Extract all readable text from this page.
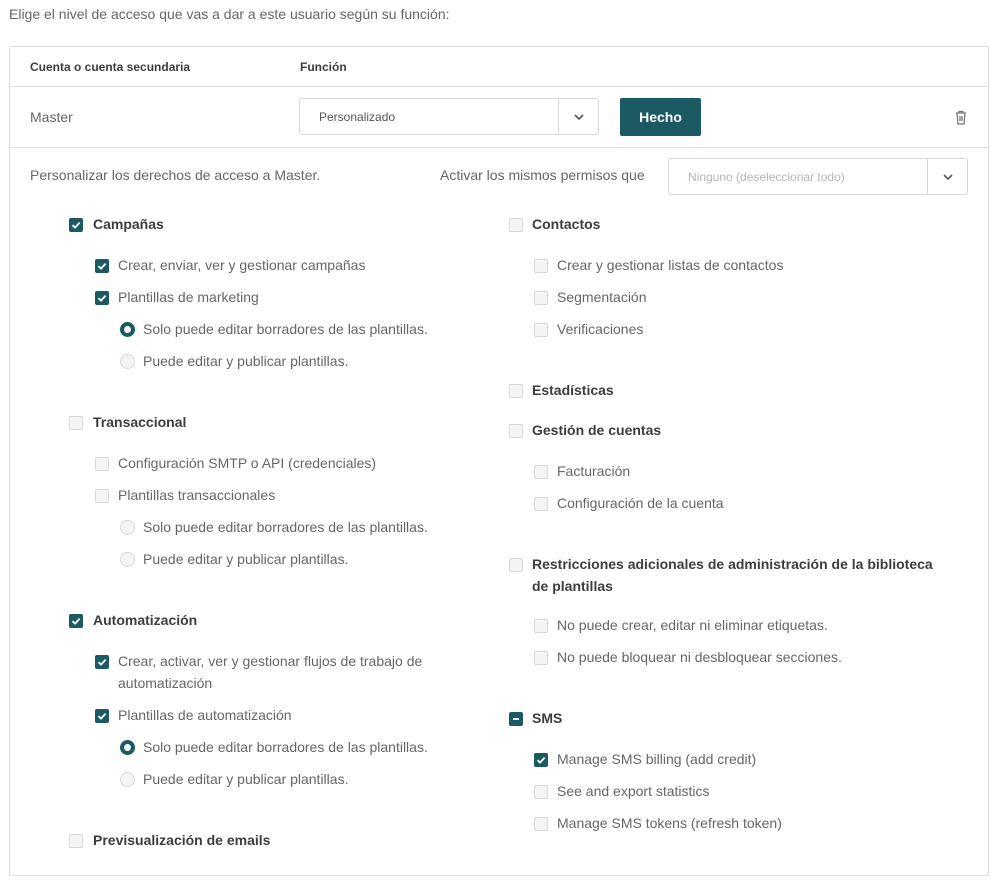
Elige el nivel de acceso que vas a dar a este usuario según su función:
Cuenta o cuenta secundaria	Función
Master	Personalizado	Hecho
Personalizar los derechos de acceso a Master.	Activar los mismos permisos que	Ninguno (deseleccionar todo)
Campañas
Crear, enviar, ver y gestionar campañas
Plantillas de marketing
Solo puede editar borradores de las plantillas.
Puede editar y publicar plantillas.
Transaccional
Configuración SMTP o API (credenciales)
Plantillas transaccionales
Solo puede editar borradores de las plantillas.
Puede editar y publicar plantillas.
Automatización
Crear, activar, ver y gestionar flujos de trabajo de automatización
Plantillas de automatización
Solo puede editar borradores de las plantillas.
Puede editar y publicar plantillas.
Previsualización de emails
Contactos
Crear y gestionar listas de contactos
Segmentación
Verificaciones
Estadísticas
Gestión de cuentas
Facturación
Configuración de la cuenta
Restricciones adicionales de administración de la biblioteca de plantillas
No puede crear, editar ni eliminar etiquetas.
No puede bloquear ni desbloquear secciones.
SMS
Manage SMS billing (add credit)
See and export statistics
Manage SMS tokens (refresh token)
